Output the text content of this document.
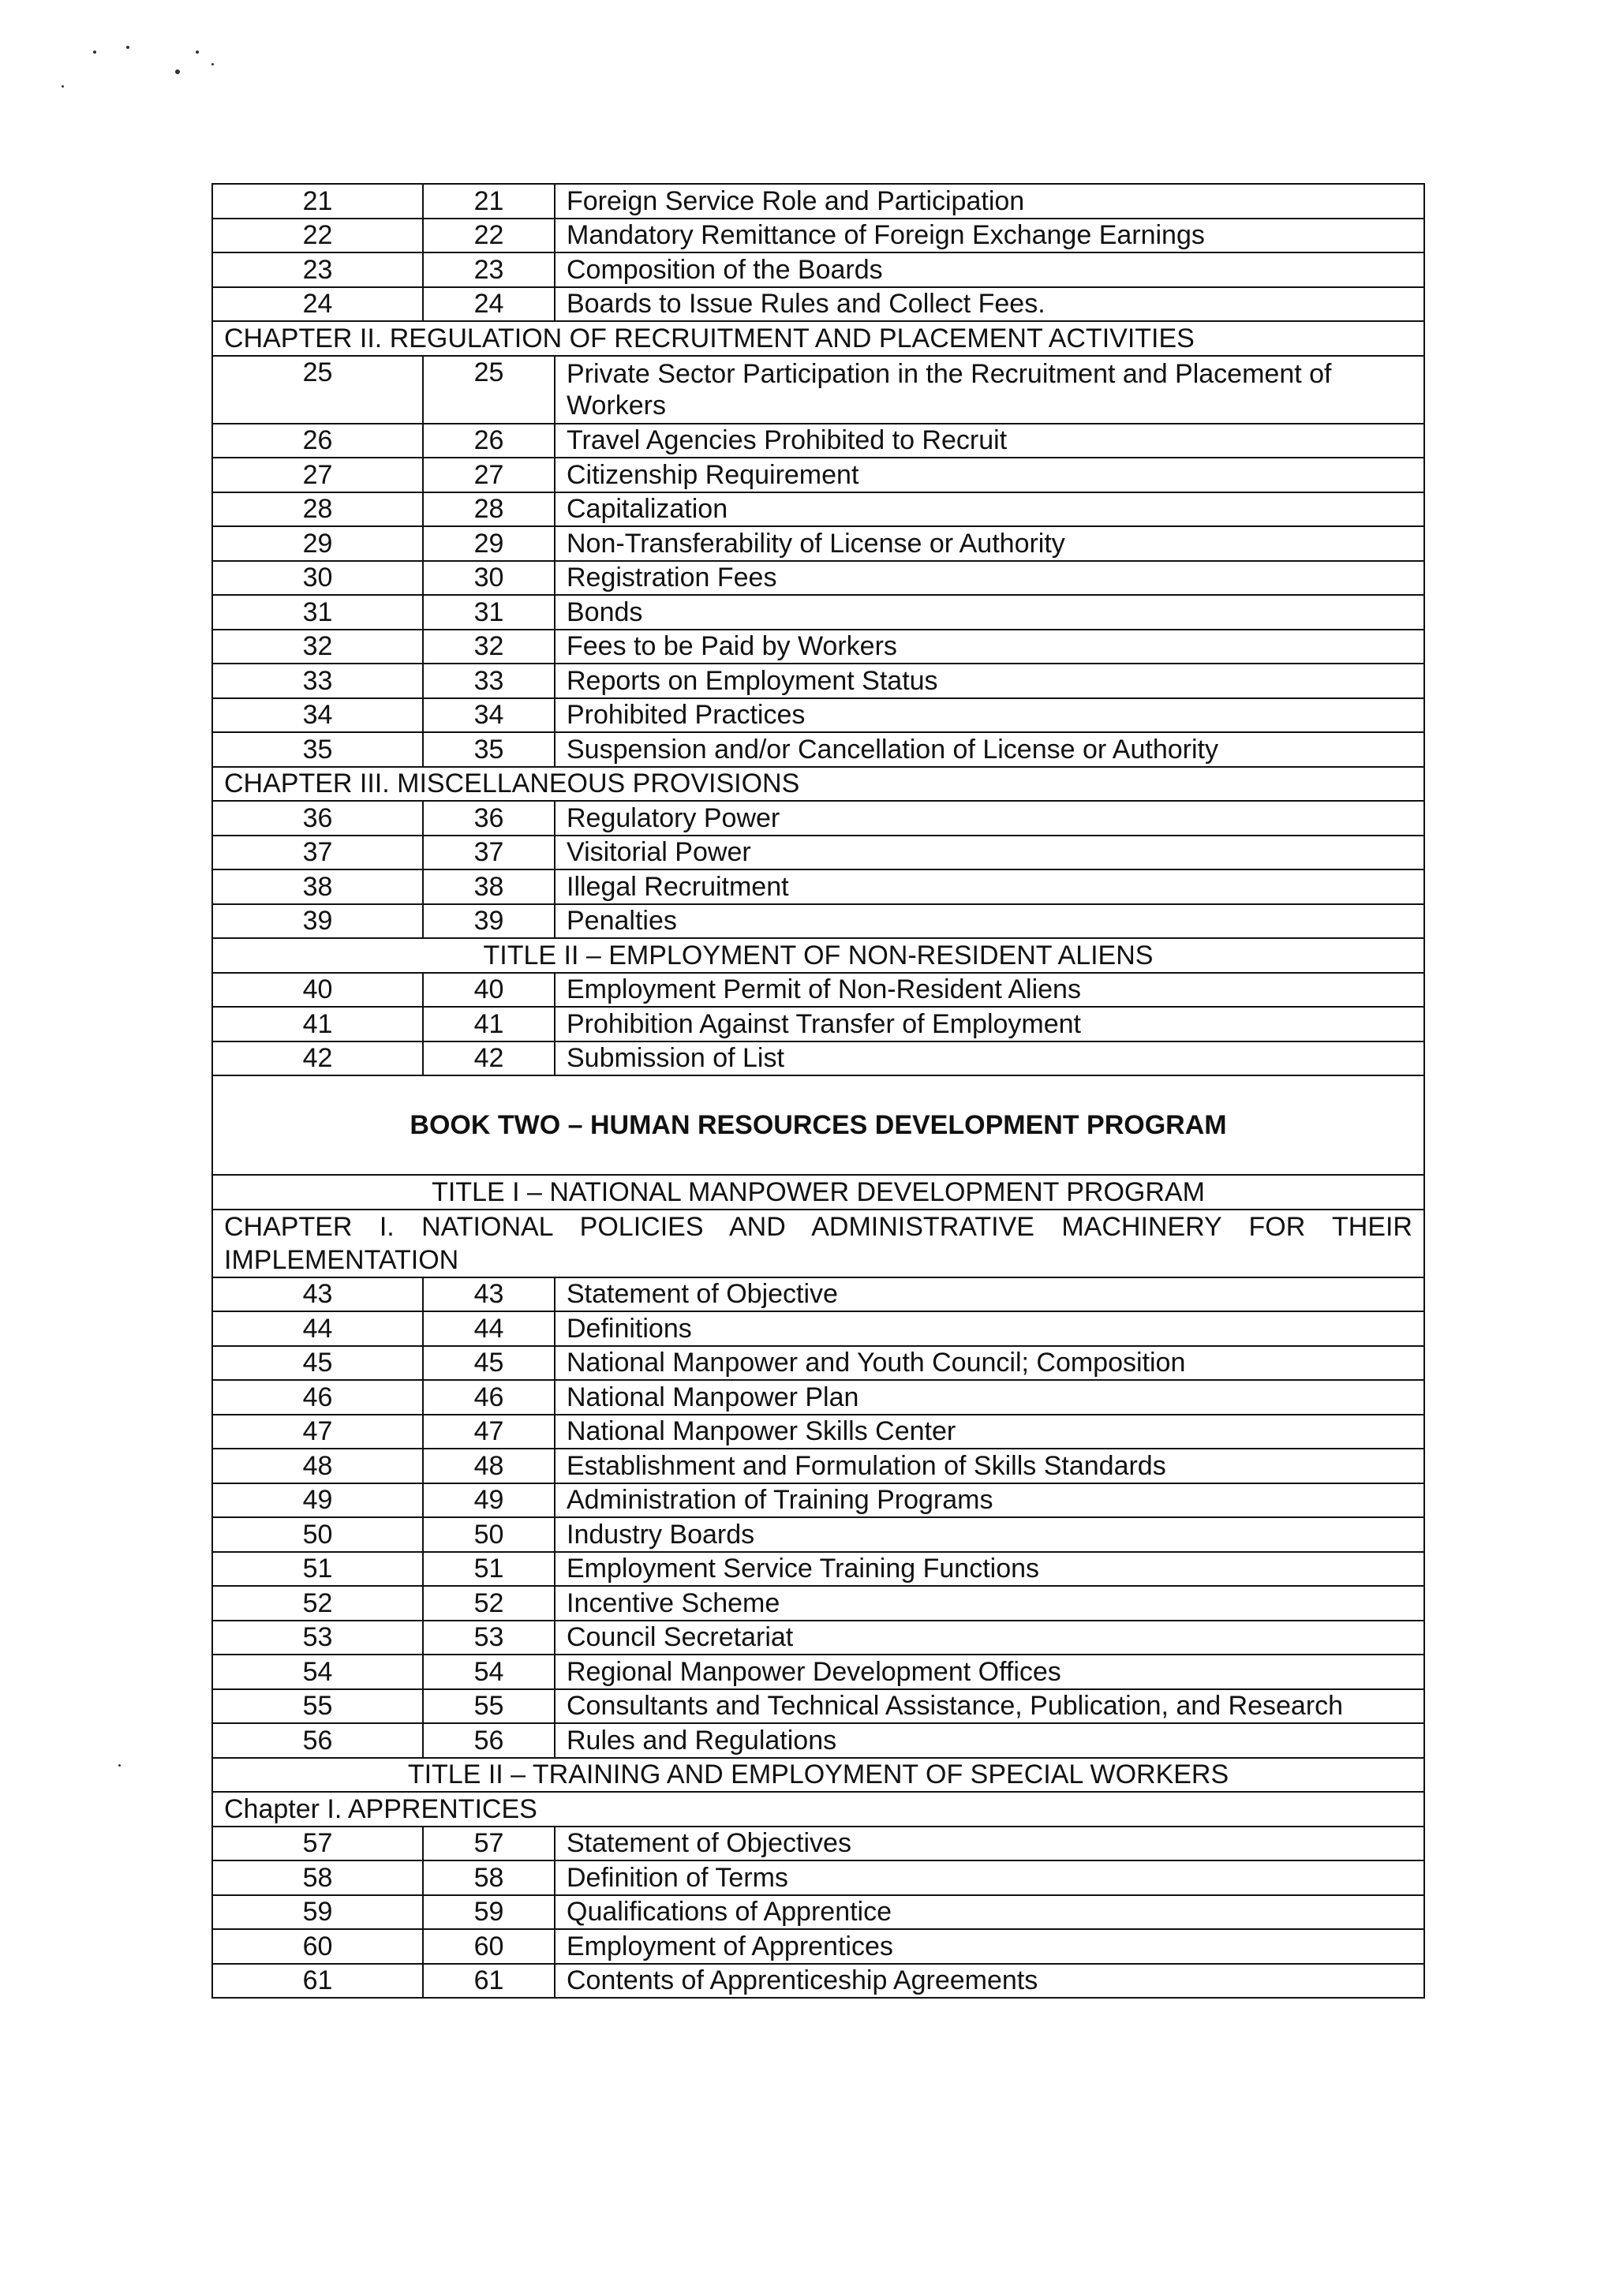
21	21	Foreign Service Role and Participation
22	22	Mandatory Remittance of Foreign Exchange Earnings
23	23	Composition of the Boards
24	24	Boards to Issue Rules and Collect Fees.
CHAPTER II. REGULATION OF RECRUITMENT AND PLACEMENT ACTIVITIES		
25	25	Private Sector Participation in the Recruitment and Placement of Workers
26	26	Travel Agencies Prohibited to Recruit
27	27	Citizenship Requirement
28	28	Capitalization
29	29	Non-Transferability of License or Authority
30	30	Registration Fees
31	31	Bonds
32	32	Fees to be Paid by Workers
33	33	Reports on Employment Status
34	34	Prohibited Practices
35	35	Suspension and/or Cancellation of License or Authority
CHAPTER III. MISCELLANEOUS PROVISIONS		
36	36	Regulatory Power
37	37	Visitorial Power
38	38	Illegal Recruitment
39	39	Penalties
TITLE II – EMPLOYMENT OF NON-RESIDENT ALIENS		
40	40	Employment Permit of Non-Resident Aliens
41	41	Prohibition Against Transfer of Employment
42	42	Submission of List
BOOK TWO – HUMAN RESOURCES DEVELOPMENT PROGRAM		
TITLE I – NATIONAL MANPOWER DEVELOPMENT PROGRAM		
CHAPTER I. NATIONAL POLICIES AND ADMINISTRATIVE MACHINERY FOR THEIR IMPLEMENTATION		
43	43	Statement of Objective
44	44	Definitions
45	45	National Manpower and Youth Council; Composition
46	46	National Manpower Plan
47	47	National Manpower Skills Center
48	48	Establishment and Formulation of Skills Standards
49	49	Administration of Training Programs
50	50	Industry Boards
51	51	Employment Service Training Functions
52	52	Incentive Scheme
53	53	Council Secretariat
54	54	Regional Manpower Development Offices
55	55	Consultants and Technical Assistance, Publication, and Research
56	56	Rules and Regulations
TITLE II – TRAINING AND EMPLOYMENT OF SPECIAL WORKERS		
Chapter I. APPRENTICES		
57	57	Statement of Objectives
58	58	Definition of Terms
59	59	Qualifications of Apprentice
60	60	Employment of Apprentices
61	61	Contents of Apprenticeship Agreements
